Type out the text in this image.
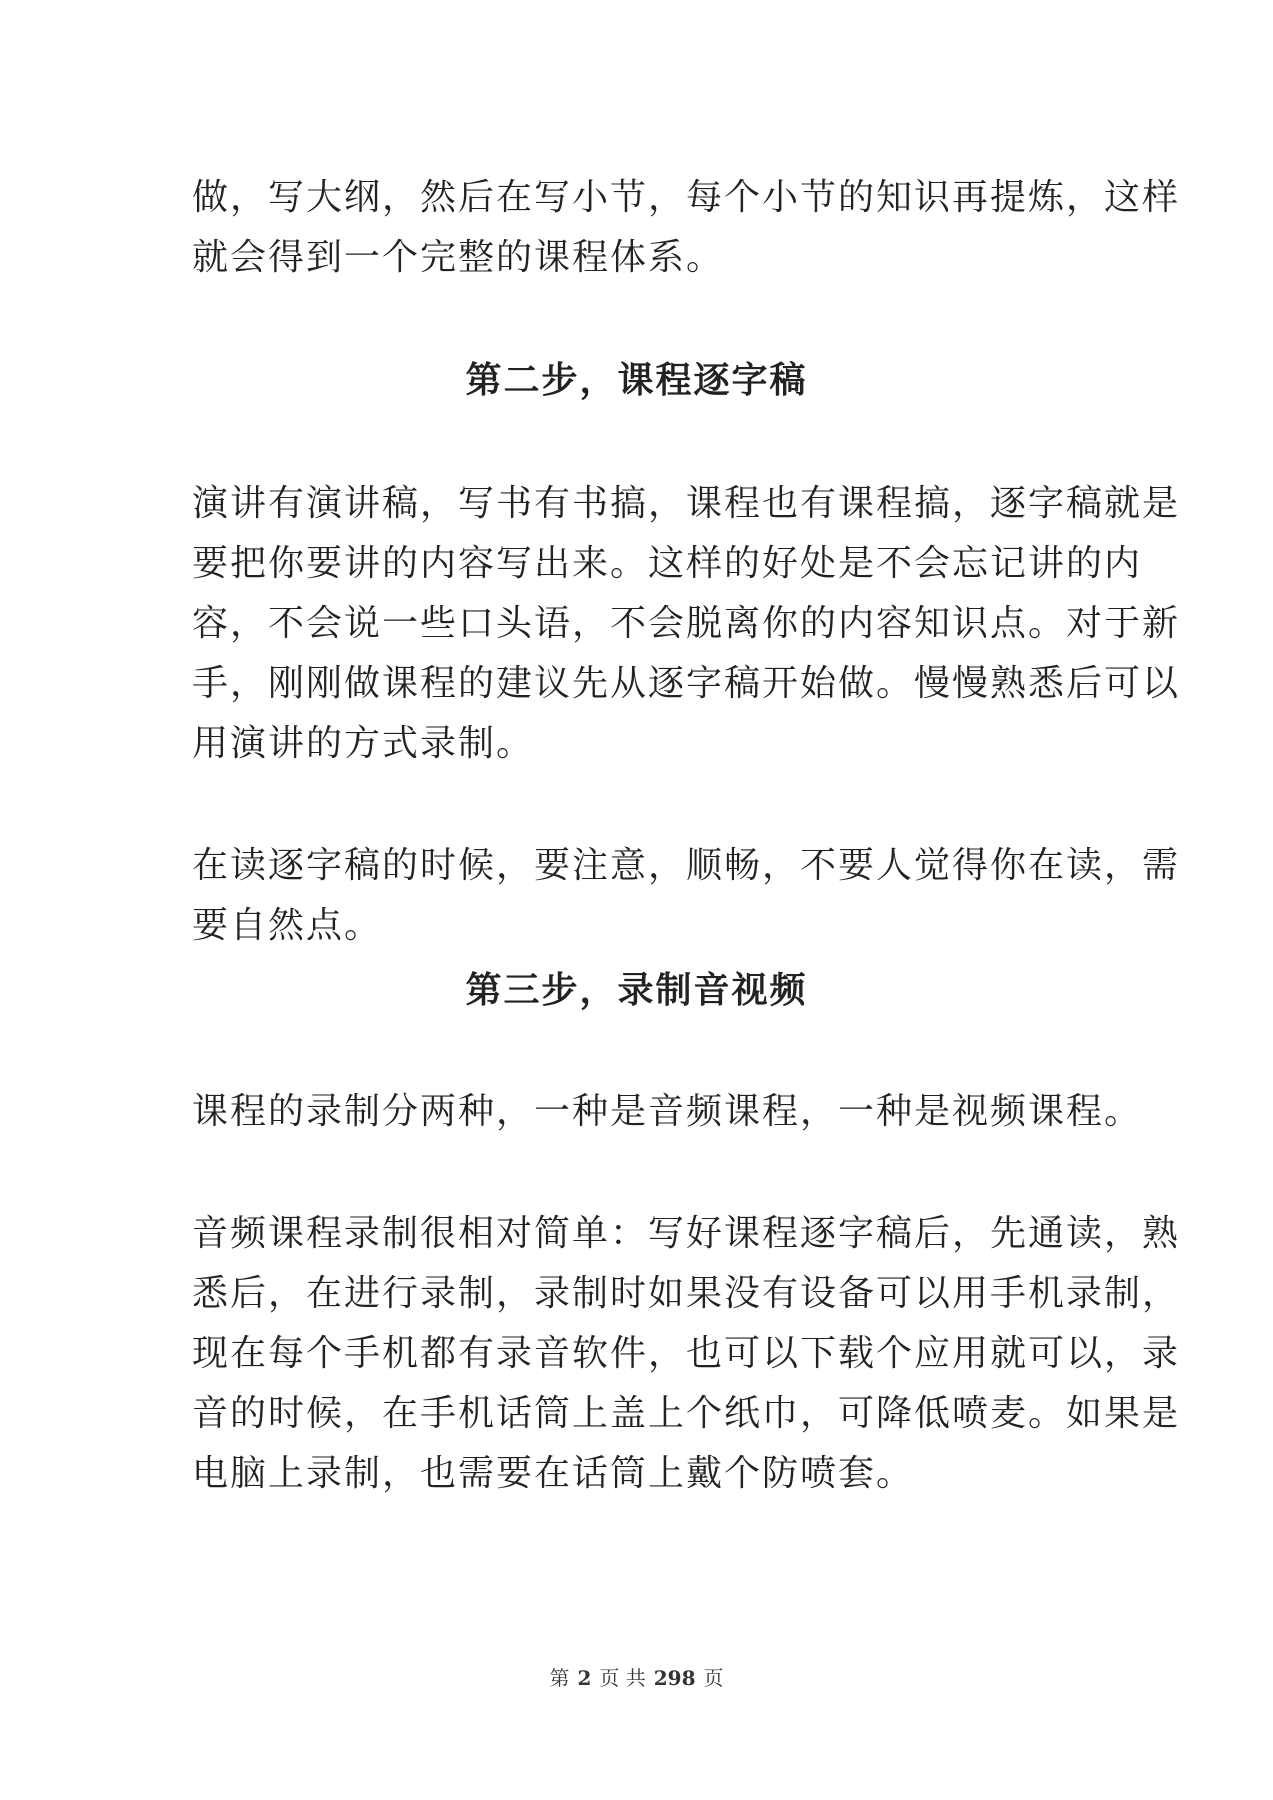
做，写大纲，然后在写小节，每个小节的知识再提炼，这样
就会得到一个完整的课程体系。

第二步，课程逐字稿

演讲有演讲稿，写书有书搞，课程也有课程搞，逐字稿就是
要把你要讲的内容写出来。这样的好处是不会忘记讲的内
容，不会说一些口头语，不会脱离你的内容知识点。对于新
手，刚刚做课程的建议先从逐字稿开始做。慢慢熟悉后可以
用演讲的方式录制。

在读逐字稿的时候，要注意，顺畅，不要人觉得你在读，需
要自然点。

第三步，录制音视频

课程的录制分两种，一种是音频课程，一种是视频课程。

音频课程录制很相对简单：写好课程逐字稿后，先通读，熟
悉后，在进行录制，录制时如果没有设备可以用手机录制，
现在每个手机都有录音软件，也可以下载个应用就可以，录
音的时候，在手机话筒上盖上个纸巾，可降低喷麦。如果是
电脑上录制，也需要在话筒上戴个防喷套。

第 2 页 共 298 页
